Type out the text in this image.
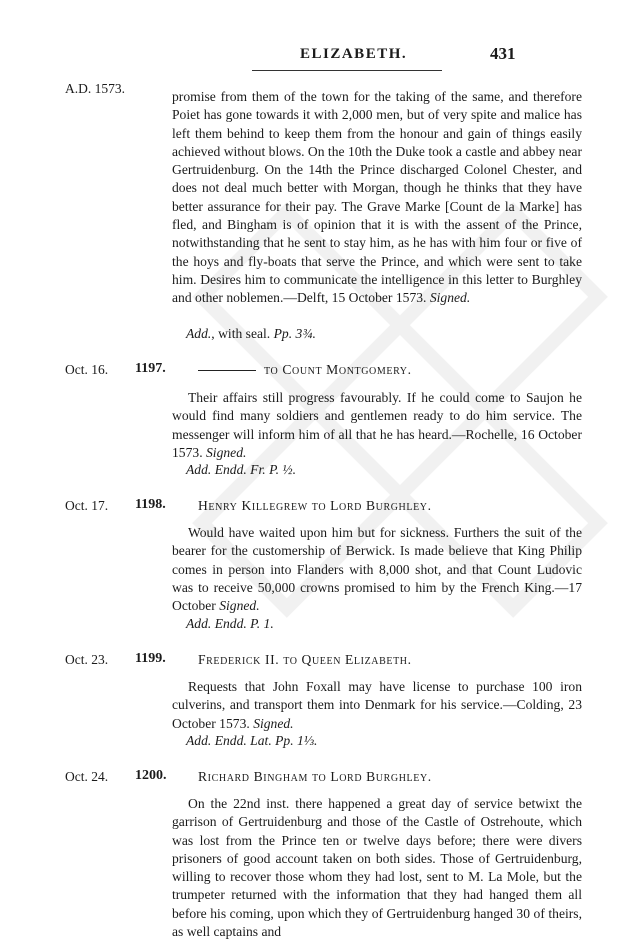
ELIZABETH.	431
A.D. 1573.

promise from them of the town for the taking of the same, and therefore Poiet has gone towards it with 2,000 men, but of very spite and malice has left them behind to keep them from the honour and gain of things easily achieved without blows. On the 10th the Duke took a castle and abbey near Gertruidenburg. On the 14th the Prince discharged Colonel Chester, and does not deal much better with Morgan, though he thinks that they have better assurance for their pay. The Grave Marke [Count de la Marke] has fled, and Bingham is of opinion that it is with the assent of the Prince, notwithstanding that he sent to stay him, as he has with him four or five of the hoys and fly-boats that serve the Prince, and which were sent to take him. Desires him to communicate the intelligence in this letter to Burghley and other noblemen.—Delft, 15 October 1573. Signed.

Add., with seal. Pp. 3¾.
Oct. 16. 1197.	to Count Montgomery.

Their affairs still progress favourably. If he could come to Saujon he would find many soldiers and gentlemen ready to do him service. The messenger will inform him of all that he has heard.—Rochelle, 16 October 1573. Signed.

Add. Endd. Fr. P. ½.
Oct. 17. 1198. Henry Killegrew to Lord Burghley.

Would have waited upon him but for sickness. Furthers the suit of the bearer for the customership of Berwick. Is made believe that King Philip comes in person into Flanders with 8,000 shot, and that Count Ludovic was to receive 50,000 crowns promised to him by the French King.—17 October Signed.

Add. Endd. P. 1.
Oct. 23. 1199. Frederick II. to Queen Elizabeth.

Requests that John Foxall may have license to purchase 100 iron culverins, and transport them into Denmark for his service.—Colding, 23 October 1573. Signed.

Add. Endd. Lat. Pp. 1⅓.
Oct. 24. 1200. Richard Bingham to Lord Burghley.

On the 22nd inst. there happened a great day of service betwixt the garrison of Gertruidenburg and those of the Castle of Ostrehoute, which was lost from the Prince ten or twelve days before; there were divers prisoners of good account taken on both sides. Those of Gertruidenburg, willing to recover those whom they had lost, sent to M. La Mole, but the trumpeter returned with the information that they had hanged them all before his coming, upon which they of Gertruidenburg hanged 30 of theirs, as well captains and
